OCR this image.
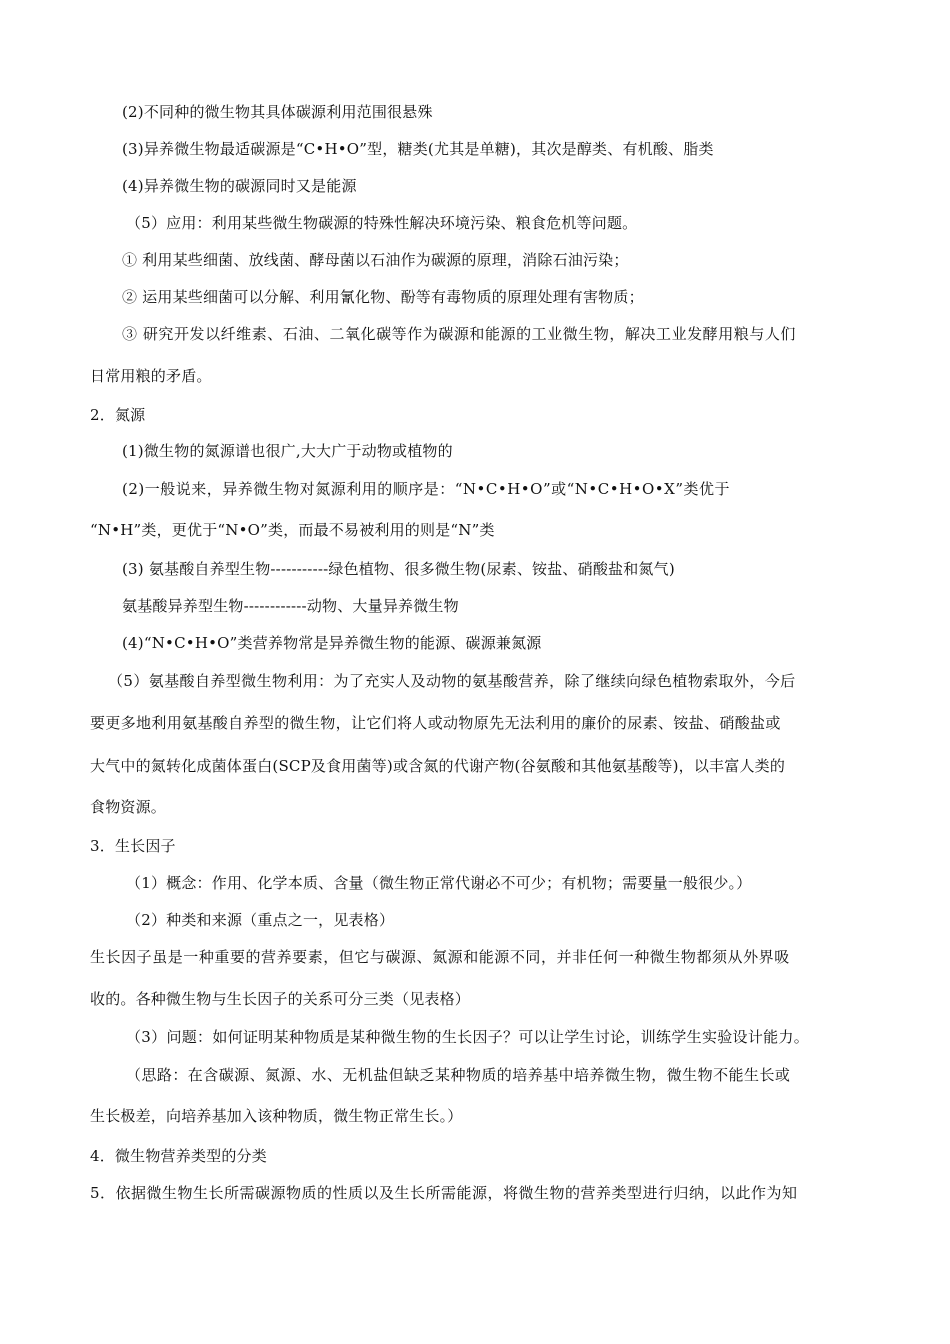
(2)不同种的微生物其具体碳源利用范围很悬殊

(3)异养微生物最适碳源是“C•H•O”型，糖类(尤其是单糖)，其次是醇类、有机酸、脂类

(4)异养微生物的碳源同时又是能源

（5）应用：利用某些微生物碳源的特殊性解决环境污染、粮食危机等问题。

① 利用某些细菌、放线菌、酵母菌以石油作为碳源的原理，消除石油污染；

② 运用某些细菌可以分解、利用氰化物、酚等有毒物质的原理处理有害物质；

③ 研究开发以纤维素、石油、二氧化碳等作为碳源和能源的工业微生物，解决工业发酵用粮与人们

日常用粮的矛盾。

2．氮源

(1)微生物的氮源谱也很广,大大广于动物或植物的

(2)一般说来，异养微生物对氮源利用的顺序是：“N•C•H•O”或“N•C•H•O•X”类优于

“N•H”类，更优于“N•O”类，而最不易被利用的则是“N”类

(3) 氨基酸自养型生物-----------绿色植物、很多微生物(尿素、铵盐、硝酸盐和氮气)

氨基酸异养型生物------------动物、大量异养微生物

(4)“N•C•H•O”类营养物常是异养微生物的能源、碳源兼氮源

（5）氨基酸自养型微生物利用：为了充实人及动物的氨基酸营养，除了继续向绿色植物索取外，今后

要更多地利用氨基酸自养型的微生物，让它们将人或动物原先无法利用的廉价的尿素、铵盐、硝酸盐或

大气中的氮转化成菌体蛋白(SCP及食用菌等)或含氮的代谢产物(谷氨酸和其他氨基酸等)，以丰富人类的

食物资源。

3．生长因子

（1）概念：作用、化学本质、含量（微生物正常代谢必不可少；有机物；需要量一般很少。）

（2）种类和来源（重点之一，见表格）

生长因子虽是一种重要的营养要素，但它与碳源、氮源和能源不同，并非任何一种微生物都须从外界吸

收的。各种微生物与生长因子的关系可分三类（见表格）

（3）问题：如何证明某种物质是某种微生物的生长因子？可以让学生讨论，训练学生实验设计能力。

（思路：在含碳源、氮源、水、无机盐但缺乏某种物质的培养基中培养微生物，微生物不能生长或

生长极差，向培养基加入该种物质，微生物正常生长。）

4．微生物营养类型的分类

5．依据微生物生长所需碳源物质的性质以及生长所需能源，将微生物的营养类型进行归纳，以此作为知
